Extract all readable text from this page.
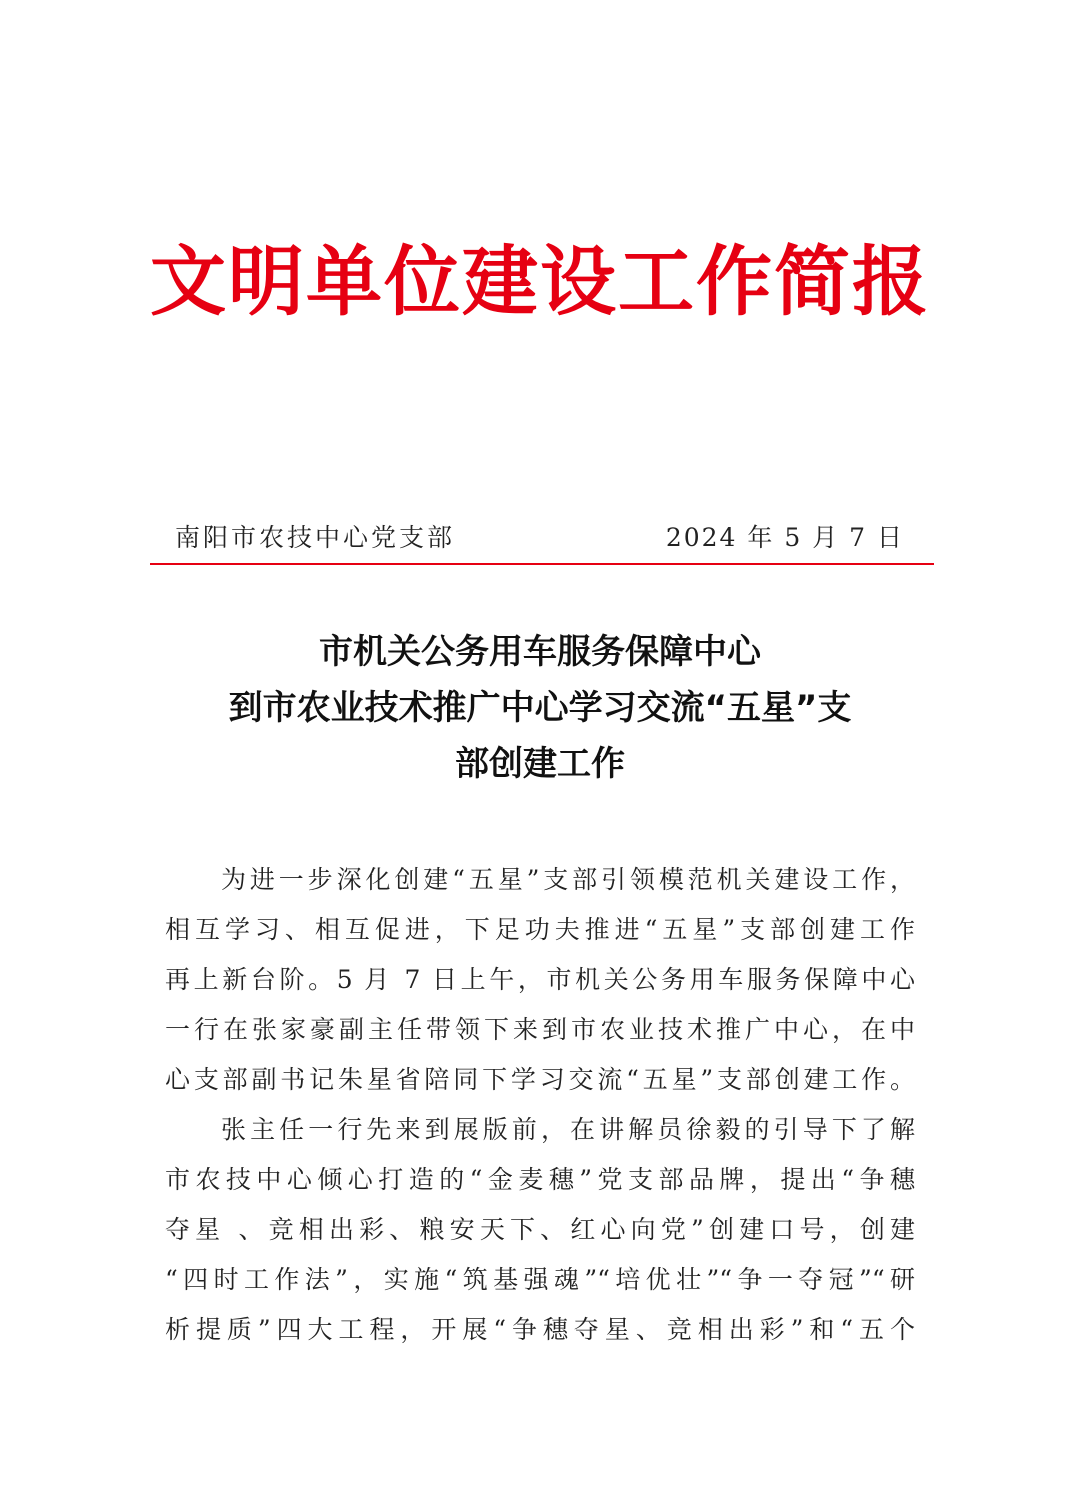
文明单位建设工作简报
南阳市农技中心党支部	2024 年 5 月 7 日
市机关公务用车服务保障中心
到市农业技术推广中心学习交流“五星”支
部创建工作
为进一步深化创建“五星”支部引领模范机关建设工作，
相互学习、相互促进，下足功夫推进“五星”支部创建工作
再上新台阶。5 月 7 日上午，市机关公务用车服务保障中心
一行在张家豪副主任带领下来到市农业技术推广中心，在中
心支部副书记朱星省陪同下学习交流“五星”支部创建工作。
张主任一行先来到展版前，在讲解员徐毅的引导下了解
市农技中心倾心打造的“金麦穗”党支部品牌，提出“争穗
夺星 、竞相出彩、粮安天下、红心向党”创建口号，创建
“四时工作法”，实施“筑基强魂”“培优壮”“争一夺冠”“研
析提质”四大工程，开展“争穗夺星、竞相出彩”和“五个
